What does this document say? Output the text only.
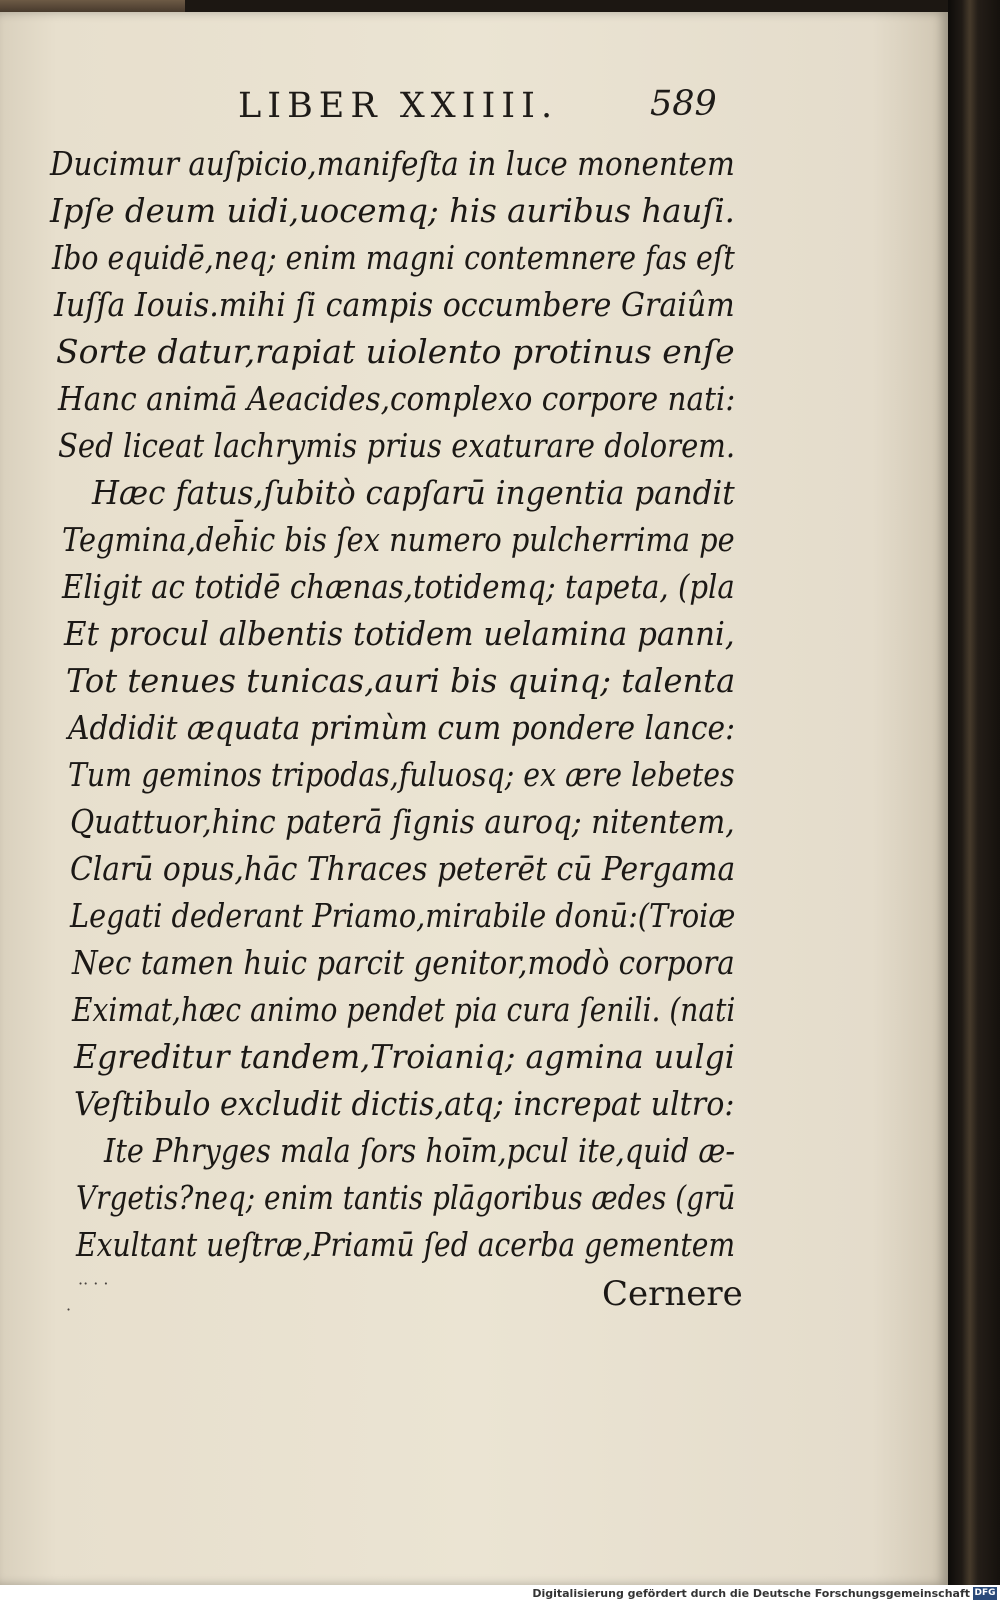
LIBER XXIIII.	589
Ducimur auſpicio,manifeſta in luce monentem
Ipſe deum uidi,uocemq; his auribus hauſi.
Ibo equidē,neq; enim magni contemnere fas eſt
Iuſſa Iouis.mihi ſi campis occumbere Graiûm
Sorte datur,rapiat uiolento protinus enſe
Hanc animā Aeacides,complexo corpore nati:
Sed liceat lachrymis prius exaturare dolorem.
Hæc fatus,ſubitò capſarū ingentia pandit
Tegmina,deh̄ic bis ſex numero pulcherrima pe
Eligit ac totidē chænas,totidemq; tapeta, (pla
Et procul albentis totidem uelamina panni,
Tot tenues tunicas,auri bis quinq; talenta
Addidit æquata primùm cum pondere lance:
Tum geminos tripodas,fuluosq; ex ære lebetes
Quattuor,hinc paterā ſignis auroq; nitentem,
Clarū opus,hāc Thraces peterēt cū Pergama
Legati dederant Priamo,mirabile donū:(Troiæ
Nec tamen huic parcit genitor,modò corpora
Eximat,hæc animo pendet pia cura ſenili. (nati
Egreditur tandem,Troianiq; agmina uulgi
Veſtibulo excludit dictis,atq; increpat ultro:
Ite Phryges mala ſors hoīm,pcul ite,quid æ-
Vrgetis?neq; enim tantis plāgoribus ædes (grū
Exultant ueſtræ,Priamū ſed acerba gementem
Cernere
·· · ·
·
Digitalisierung gefördert durch die Deutsche Forschungsgemeinschaft DFG
